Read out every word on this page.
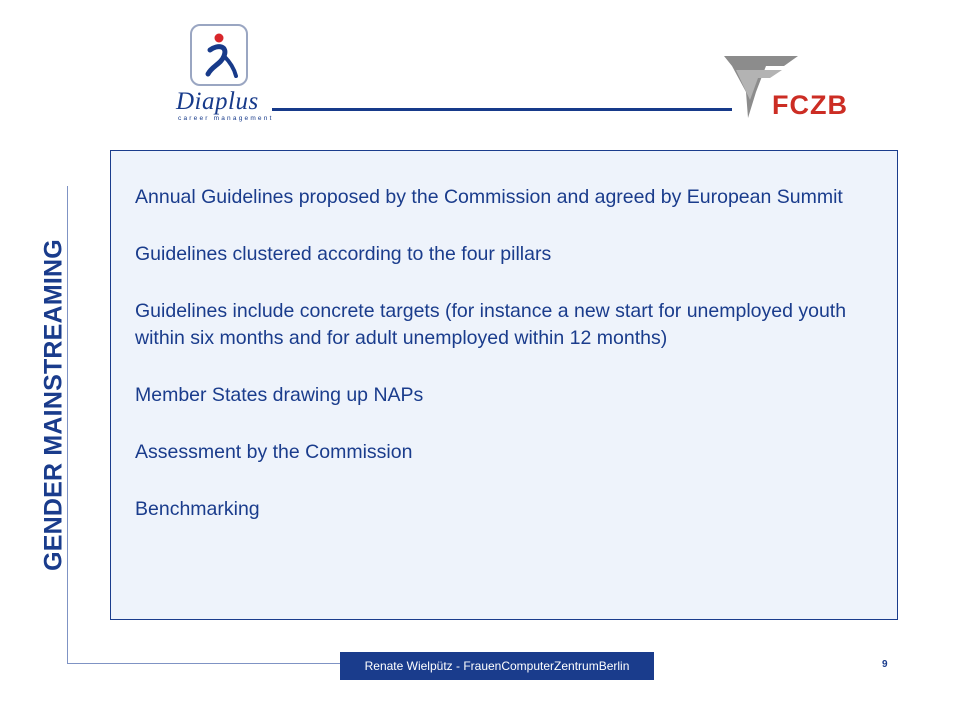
Diaplus
career management	FCZB
GENDER MAINSTREAMING
Annual Guidelines proposed by the Commission and agreed by European Summit
Guidelines clustered according to the four pillars
Guidelines include concrete targets (for instance a new start for unemployed youth within six months and for adult unemployed within 12 months)
Member States drawing up NAPs
Assessment by the Commission
Benchmarking
Renate Wielpütz - FrauenComputerZentrumBerlin	9
